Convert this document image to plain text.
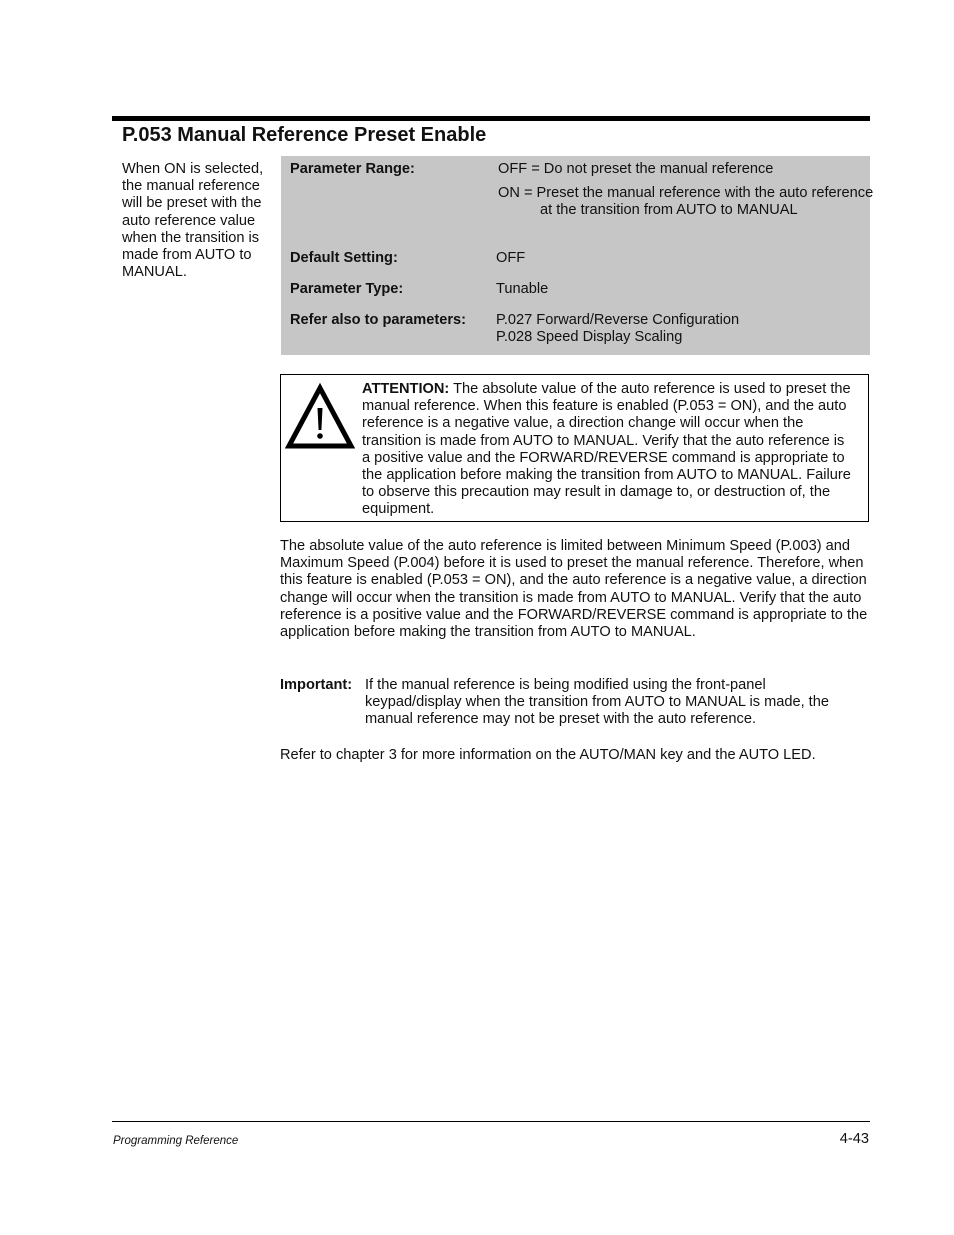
P.053 Manual Reference Preset Enable
When ON is selected, the manual reference will be preset with the auto reference value when the transition is made from AUTO to MANUAL.
Parameter Range:	OFF = Do not preset the manual reference
ON = Preset the manual reference with the auto reference at the transition from AUTO to MANUAL
Default Setting:	OFF
Parameter Type:	Tunable
Refer also to parameters: P.027 Forward/Reverse Configuration
P.028 Speed Display Scaling
ATTENTION: The absolute value of the auto reference is used to preset the manual reference. When this feature is enabled (P.053 = ON), and the auto reference is a negative value, a direction change will occur when the transition is made from AUTO to MANUAL. Verify that the auto reference is a positive value and the FORWARD/REVERSE command is appropriate to the application before making the transition from AUTO to MANUAL. Failure to observe this precaution may result in damage to, or destruction of, the equipment.
The absolute value of the auto reference is limited between Minimum Speed (P.003) and Maximum Speed (P.004) before it is used to preset the manual reference. Therefore, when this feature is enabled (P.053 = ON), and the auto reference is a negative value, a direction change will occur when the transition is made from AUTO to MANUAL. Verify that the auto reference is a positive value and the FORWARD/REVERSE command is appropriate to the application before making the transition from AUTO to MANUAL.
Important: If the manual reference is being modified using the front-panel keypad/display when the transition from AUTO to MANUAL is made, the manual reference may not be preset with the auto reference.
Refer to chapter 3 for more information on the AUTO/MAN key and the AUTO LED.
Programming Reference	4-43
